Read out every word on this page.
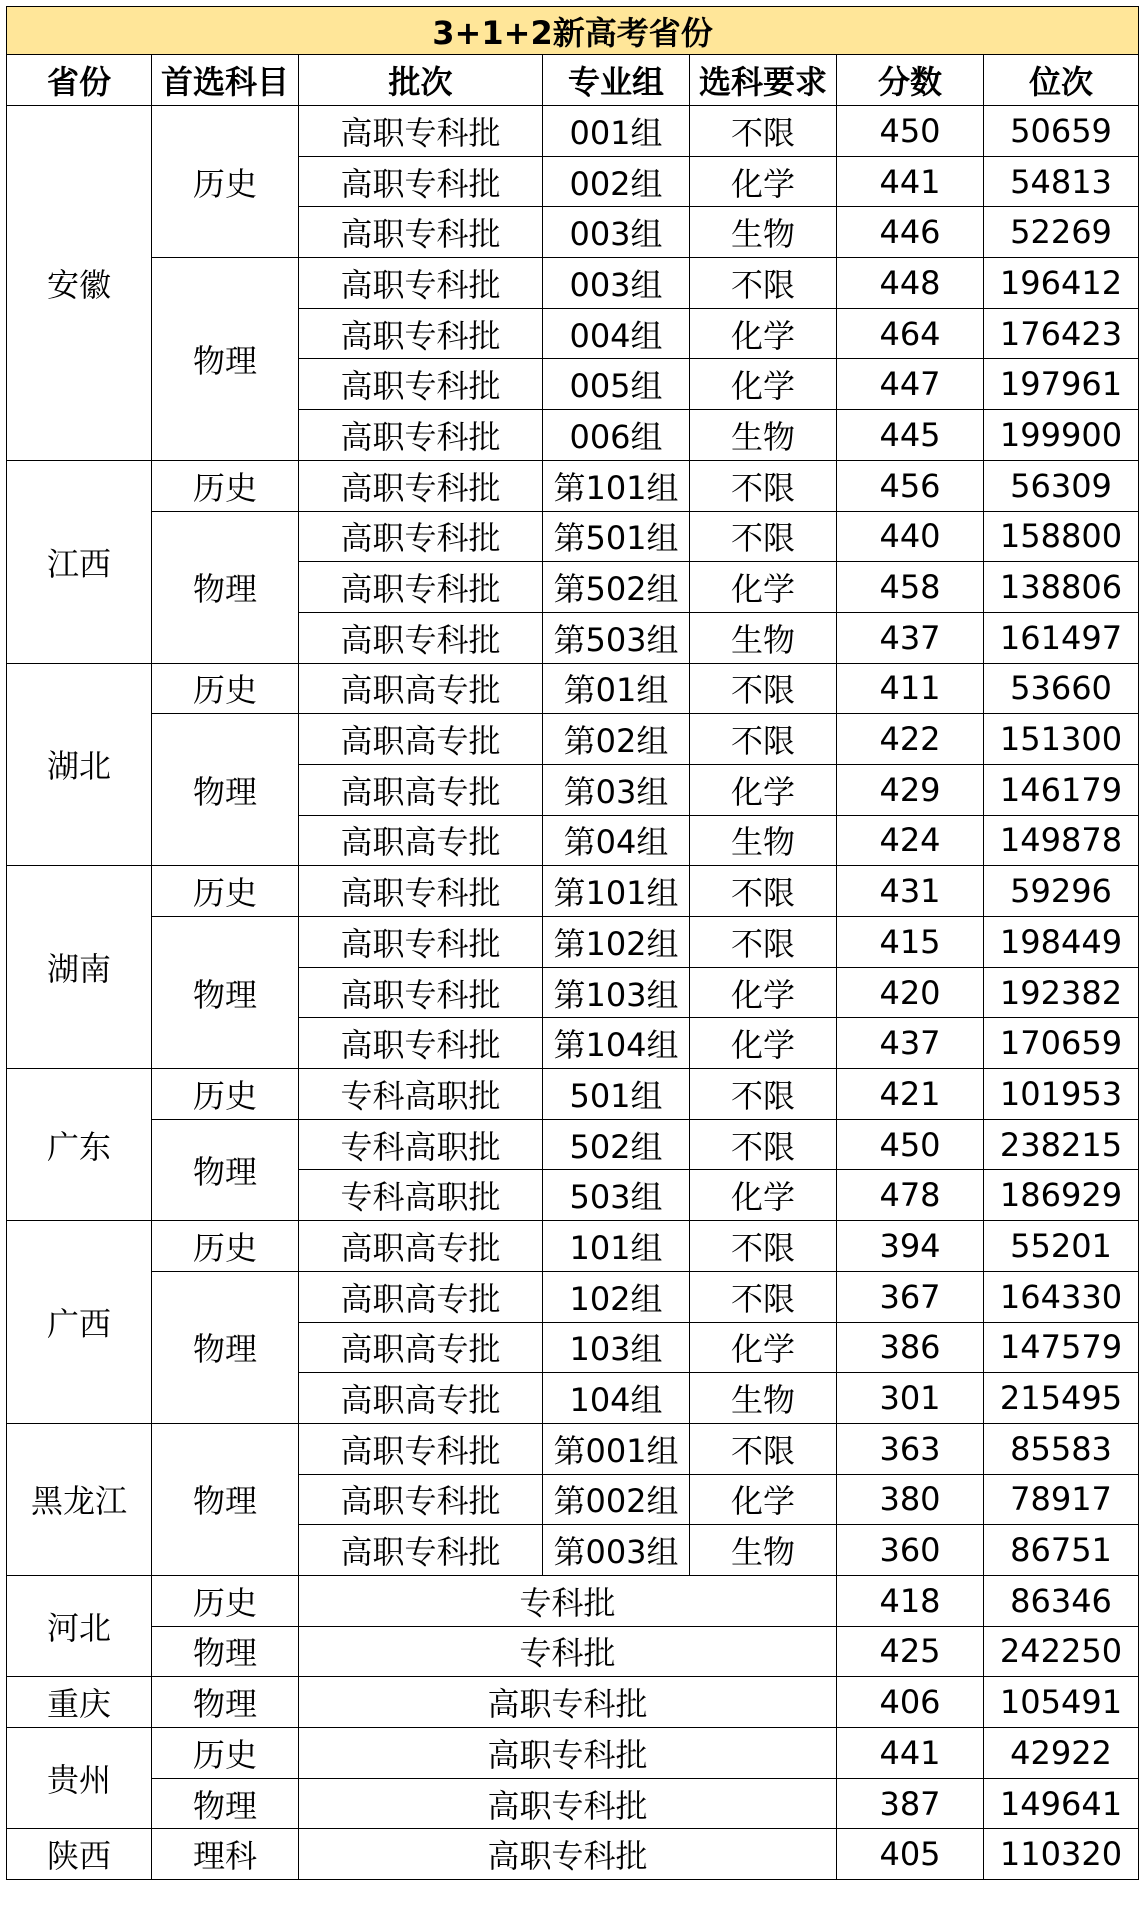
3+1+2新高考省份						
省份	首选科目	批次	专业组	选科要求	分数	位次
安徽	历史	高职专科批	001组	不限	450	50659
		高职专科批	002组	化学	441	54813
		高职专科批	003组	生物	446	52269
	物理	高职专科批	003组	不限	448	196412
		高职专科批	004组	化学	464	176423
		高职专科批	005组	化学	447	197961
		高职专科批	006组	生物	445	199900
江西	历史	高职专科批	第101组	不限	456	56309
	物理	高职专科批	第501组	不限	440	158800
		高职专科批	第502组	化学	458	138806
		高职专科批	第503组	生物	437	161497
湖北	历史	高职高专批	第01组	不限	411	53660
	物理	高职高专批	第02组	不限	422	151300
		高职高专批	第03组	化学	429	146179
		高职高专批	第04组	生物	424	149878
湖南	历史	高职专科批	第101组	不限	431	59296
	物理	高职专科批	第102组	不限	415	198449
		高职专科批	第103组	化学	420	192382
		高职专科批	第104组	化学	437	170659
广东	历史	专科高职批	501组	不限	421	101953
	物理	专科高职批	502组	不限	450	238215
		专科高职批	503组	化学	478	186929
广西	历史	高职高专批	101组	不限	394	55201
	物理	高职高专批	102组	不限	367	164330
		高职高专批	103组	化学	386	147579
		高职高专批	104组	生物	301	215495
黑龙江	物理	高职专科批	第001组	不限	363	85583
		高职专科批	第002组	化学	380	78917
		高职专科批	第003组	生物	360	86751
河北	历史	专科批			418	86346
	物理	专科批			425	242250
重庆	物理	高职专科批			406	105491
贵州	历史	高职专科批			441	42922
	物理	高职专科批			387	149641
陕西	理科	高职专科批			405	110320
